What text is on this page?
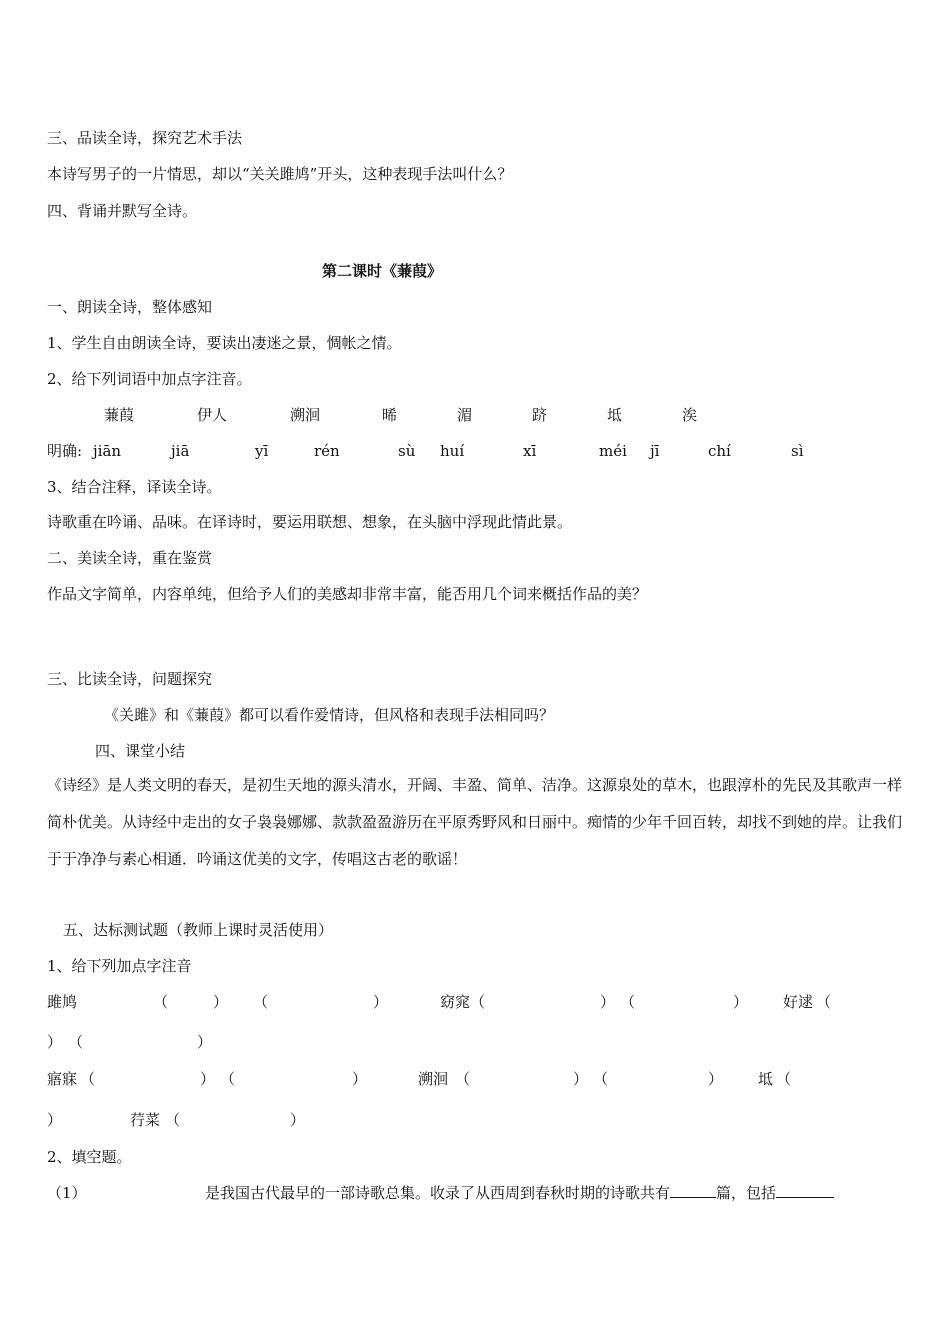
三、品读全诗，探究艺术手法
本诗写男子的一片情思，却以“关关雎鸠”开头，这种表现手法叫什么？
四、背诵并默写全诗。
第二课时《蒹葭》
一、朗读全诗，整体感知
1、学生自由朗读全诗，要读出凄迷之景，惆帐之情。
2、给下列词语中加点字注音。
蒹葭	伊人	溯洄	晞	湄	跻	坻	涘
明确: jiān	jiā	yī	rén	sù huí	xī	méi jī	chí	sì
3、结合注释，译读全诗。
诗歌重在吟诵、品味。在译诗时，要运用联想、想象，在头脑中浮现此情此景。
二、美读全诗，重在鉴赏
作品文字简单，内容单纯，但给予人们的美感却非常丰富，能否用几个词来概括作品的美？
三、比读全诗，问题探究
《关雎》和《蒹葭》都可以看作爱情诗，但风格和表现手法相同吗？
四、课堂小结
《诗经》是人类文明的春天，是初生天地的源头清水，开阔、丰盈、简单、洁净。这源泉处的草木，也跟淳朴的先民及其歌声一样简朴优美。从诗经中走出的女子袅袅娜娜、款款盈盈游历在平原秀野风和日丽中。痴情的少年千回百转，却找不到她的岸。让我们于于净净与素心相通．吟诵这优美的文字，传唱这古老的歌谣！
五、达标测试题（教师上课时灵活使用）
1、给下列加点字注音
雎鸠	（	） （	）	窈窕 （	） （	） 好逑 （
） （	）
寤寐 （	） （	）	溯洄 （	） （	） 坻 （
）	荇菜 （	）
2、填空题。
（1）	是我国古代最早的一部诗歌总集。收录了从西周到春秋时期的诗歌共有	篇，包括
